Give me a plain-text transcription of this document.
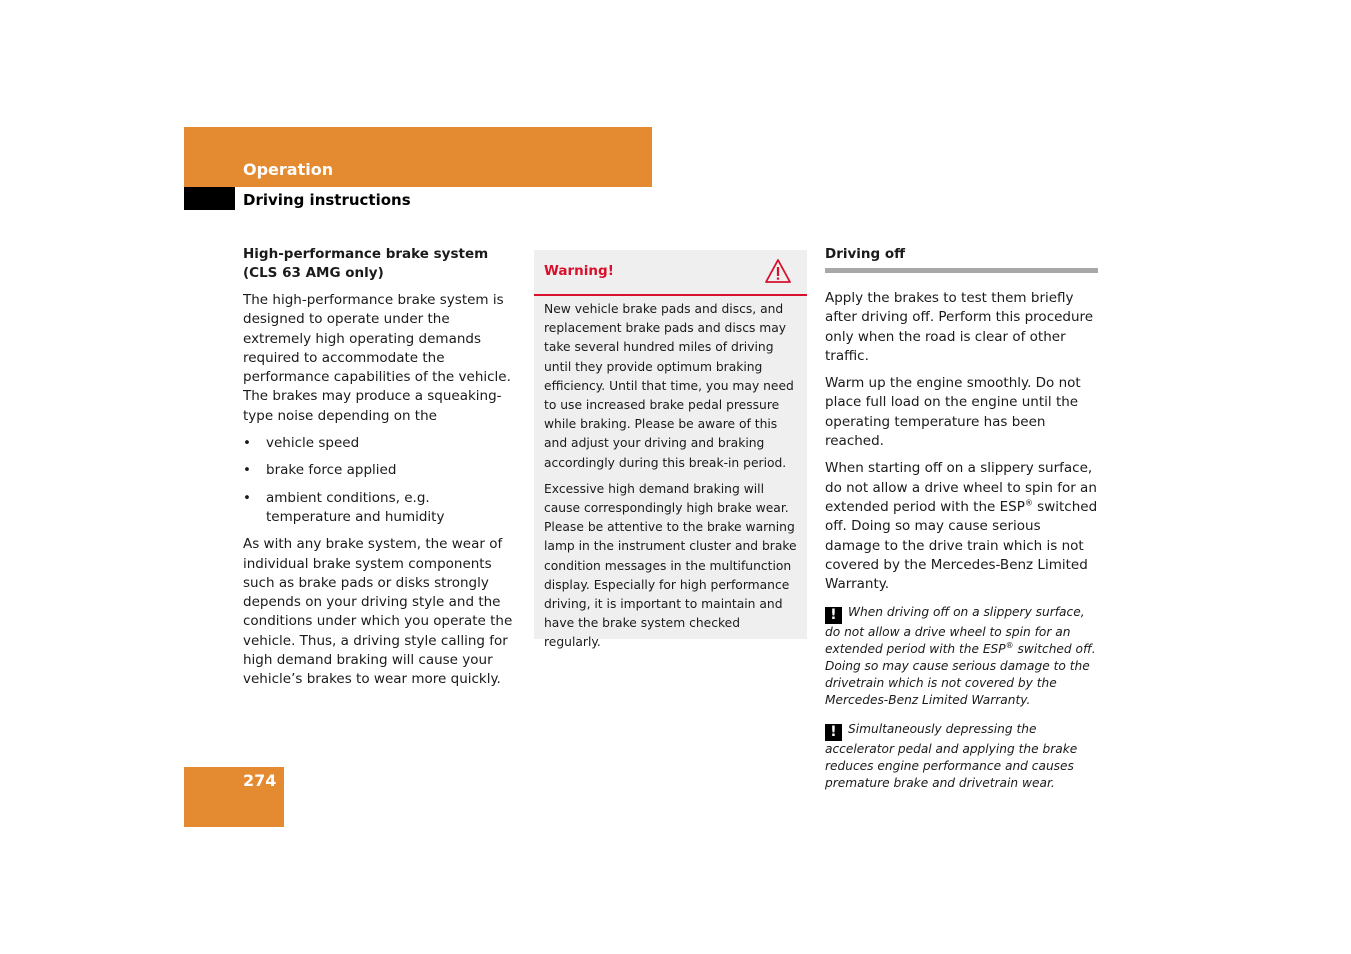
Operation
Driving instructions
High-performance brake system
(CLS 63 AMG only)

The high-performance brake system is designed to operate under the extremely high operating demands required to accommodate the performance capabilities of the vehicle. The brakes may produce a squeaking-type noise depending on the

• vehicle speed
• brake force applied
• ambient conditions, e.g. temperature and humidity

As with any brake system, the wear of individual brake system components such as brake pads or disks strongly depends on your driving style and the conditions under which you operate the vehicle. Thus, a driving style calling for high demand braking will cause your vehicle’s brakes to wear more quickly.

Warning!

New vehicle brake pads and discs, and replacement brake pads and discs may take several hundred miles of driving until they provide optimum braking efficiency. Until that time, you may need to use increased brake pedal pressure while braking. Please be aware of this and adjust your driving and braking accordingly during this break-in period.

Excessive high demand braking will cause correspondingly high brake wear. Please be attentive to the brake warning lamp in the instrument cluster and brake condition messages in the multifunction display. Especially for high performance driving, it is important to maintain and have the brake system checked regularly.

Driving off

Apply the brakes to test them briefly after driving off. Perform this procedure only when the road is clear of other traffic.

Warm up the engine smoothly. Do not place full load on the engine until the operating temperature has been reached.

When starting off on a slippery surface, do not allow a drive wheel to spin for an extended period with the ESP® switched off. Doing so may cause serious damage to the drive train which is not covered by the Mercedes-Benz Limited Warranty.

! When driving off on a slippery surface, do not allow a drive wheel to spin for an extended period with the ESP® switched off. Doing so may cause serious damage to the drivetrain which is not covered by the Mercedes-Benz Limited Warranty.
! Simultaneously depressing the accelerator pedal and applying the brake reduces engine performance and causes premature brake and drivetrain wear.
274
